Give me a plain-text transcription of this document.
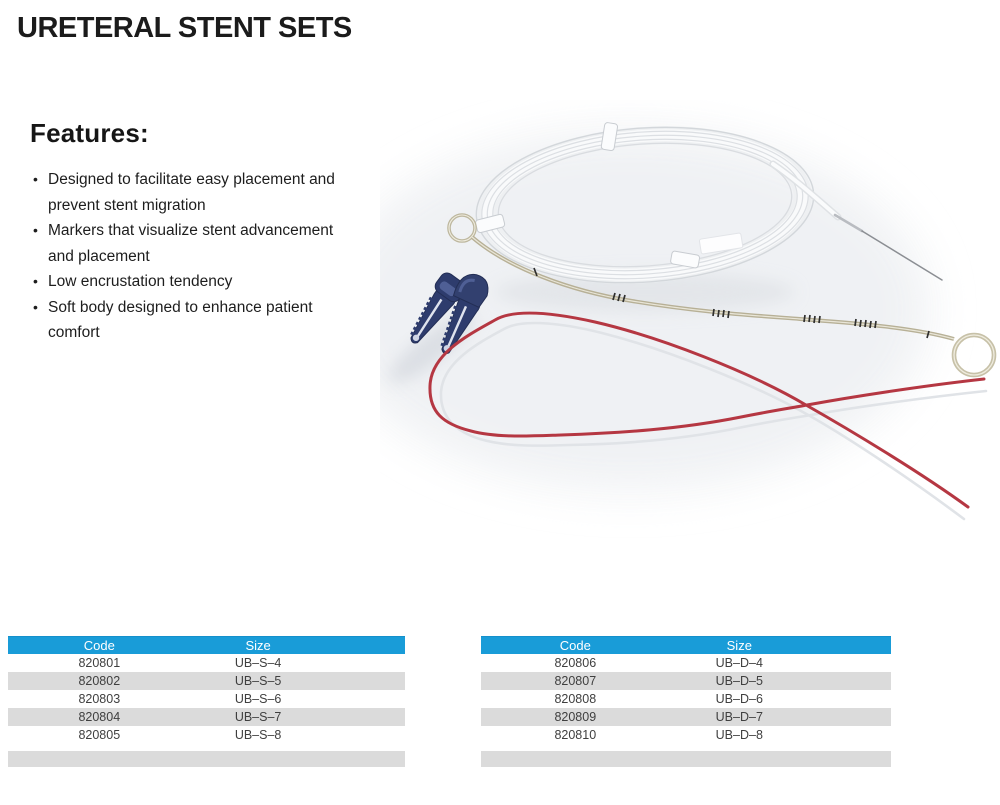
URETERAL STENT SETS
Features:
• Designed to facilitate easy placement and prevent stent migration
• Markers that visualize stent advancement and placement
• Low encrustation tendency
• Soft body designed to enhance patient comfort
Code	Size	
820801	UB–S–4	
820802	UB–S–5	
820803	UB–S–6	
820804	UB–S–7	
820805	UB–S–8	
Code	Size	
820806	UB–D–4	
820807	UB–D–5	
820808	UB–D–6	
820809	UB–D–7	
820810	UB–D–8	
